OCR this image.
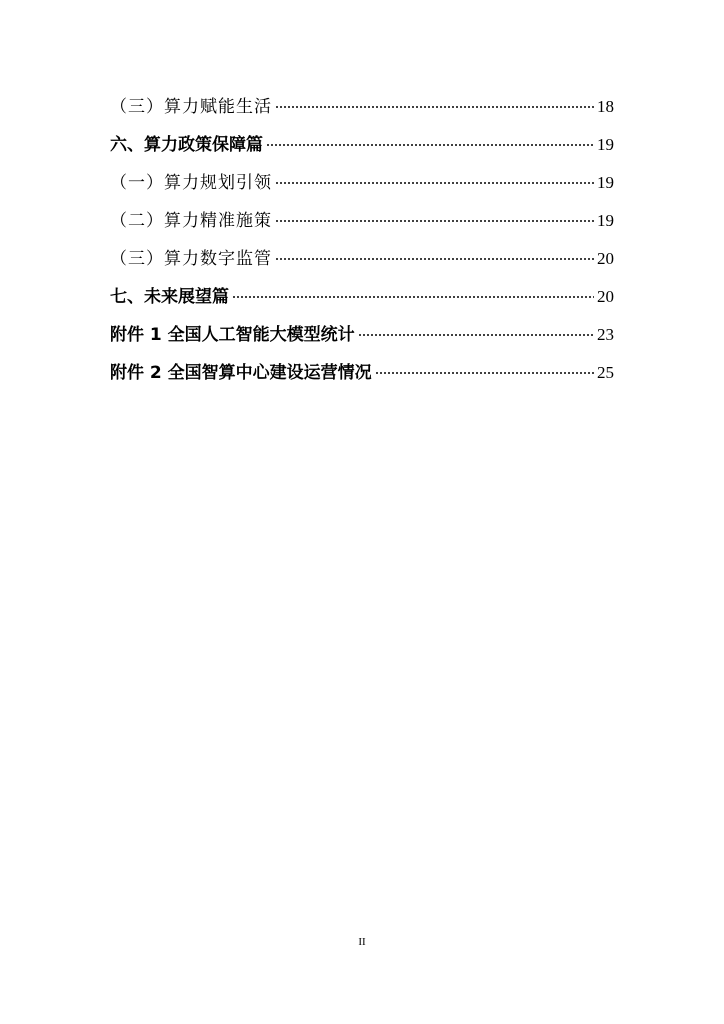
（三）算力赋能生活	18
六、算力政策保障篇	19
（一）算力规划引领	19
（二）算力精准施策	19
（三）算力数字监管	20
七、未来展望篇	20
附件 1 全国人工智能大模型统计	23
附件 2 全国智算中心建设运营情况	25
II
